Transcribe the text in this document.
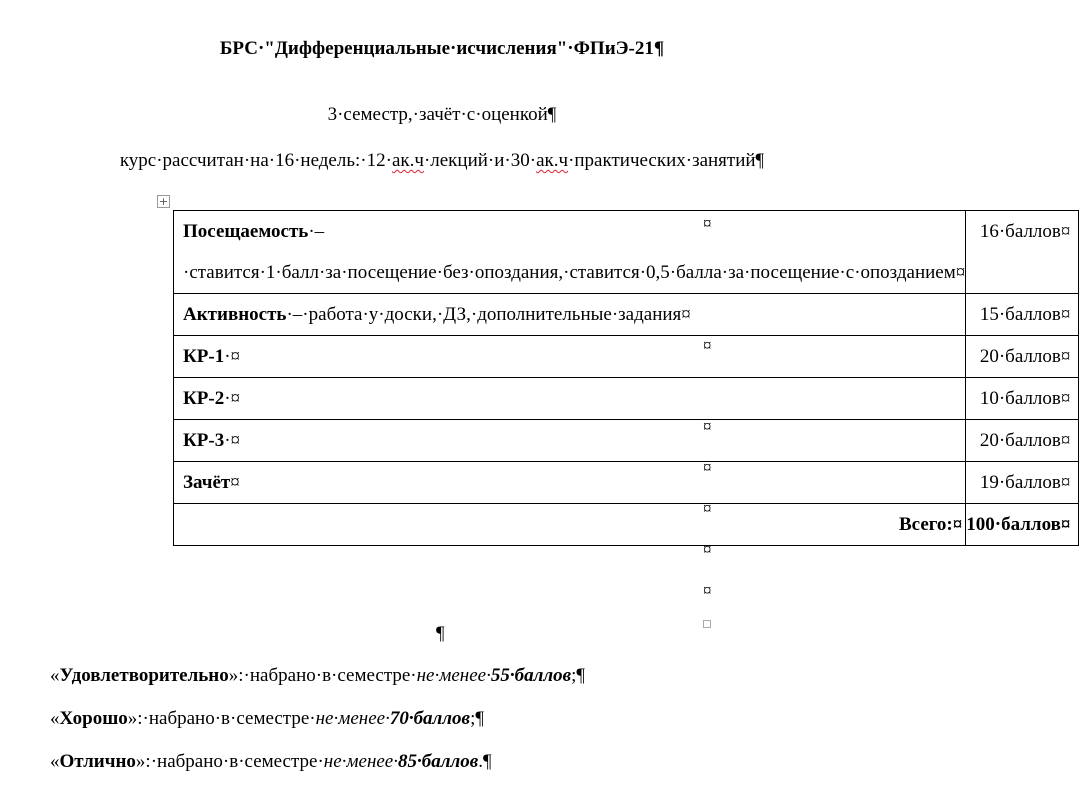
БРС·"Дифференциальные·исчисления"·ФПиЭ-21¶
3·семестр,·зачёт·с·оценкой¶
курс·рассчитан·на·16·недель:·12·ак.ч·лекций·и·30·ак.ч·практических·занятий¶
+
Посещаемость·–·ставится·1·балл·за·посещение·без·опоздания,·ставится·0,5·балла·за·посещение·с·опозданием¤	16·баллов¤
Активность·–·работа·у·доски,·ДЗ,·дополнительные·задания¤	15·баллов¤
КР-1·¤	20·баллов¤
КР-2·¤	10·баллов¤
КР-3·¤	20·баллов¤
Зачёт¤	19·баллов¤
Всего:¤	100·баллов¤
¤
¤
¤
¤
¤
¤
¤
¶
«Удовлетворительно»:·набрано·в·семестре·не·менее·55·баллов;¶
«Хорошо»:·набрано·в·семестре·не·менее·70·баллов;¶
«Отлично»:·набрано·в·семестре·не·менее·85·баллов.¶
